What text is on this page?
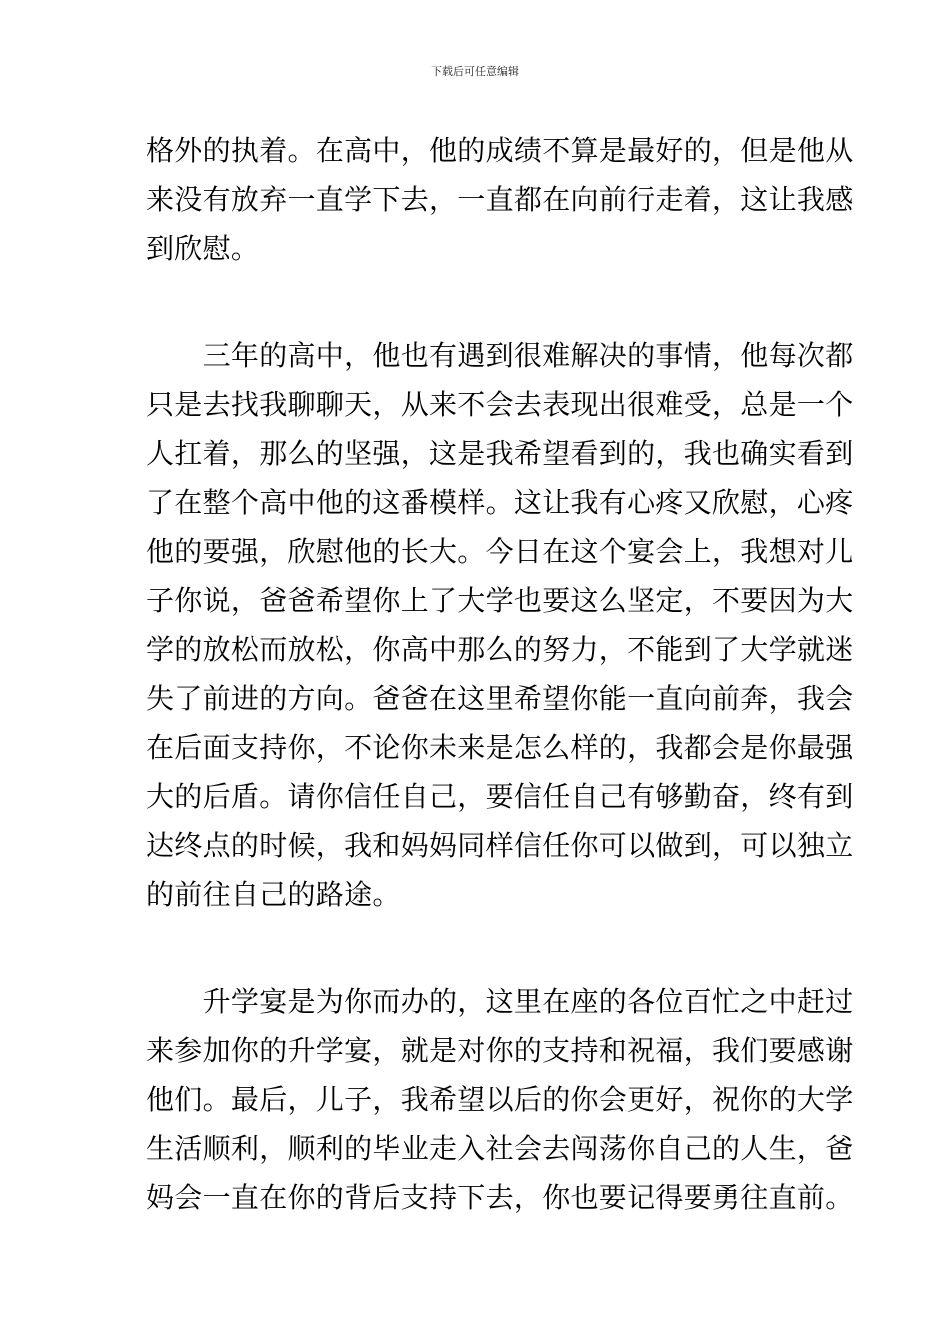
下载后可任意编辑
格外的执着。在高中，他的成绩不算是最好的，但是他从
来没有放弃一直学下去，一直都在向前行走着，这让我感
到欣慰。
　　三年的高中，他也有遇到很难解决的事情，他每次都
只是去找我聊聊天，从来不会去表现出很难受，总是一个
人扛着，那么的坚强，这是我希望看到的，我也确实看到
了在整个高中他的这番模样。这让我有心疼又欣慰，心疼
他的要强，欣慰他的长大。今日在这个宴会上，我想对儿
子你说，爸爸希望你上了大学也要这么坚定，不要因为大
学的放松而放松，你高中那么的努力，不能到了大学就迷
失了前进的方向。爸爸在这里希望你能一直向前奔，我会
在后面支持你，不论你未来是怎么样的，我都会是你最强
大的后盾。请你信任自己，要信任自己有够勤奋，终有到
达终点的时候，我和妈妈同样信任你可以做到，可以独立
的前往自己的路途。
　　升学宴是为你而办的，这里在座的各位百忙之中赶过
来参加你的升学宴，就是对你的支持和祝福，我们要感谢
他们。最后，儿子，我希望以后的你会更好，祝你的大学
生活顺利，顺利的毕业走入社会去闯荡你自己的人生，爸
妈会一直在你的背后支持下去，你也要记得要勇往直前。
